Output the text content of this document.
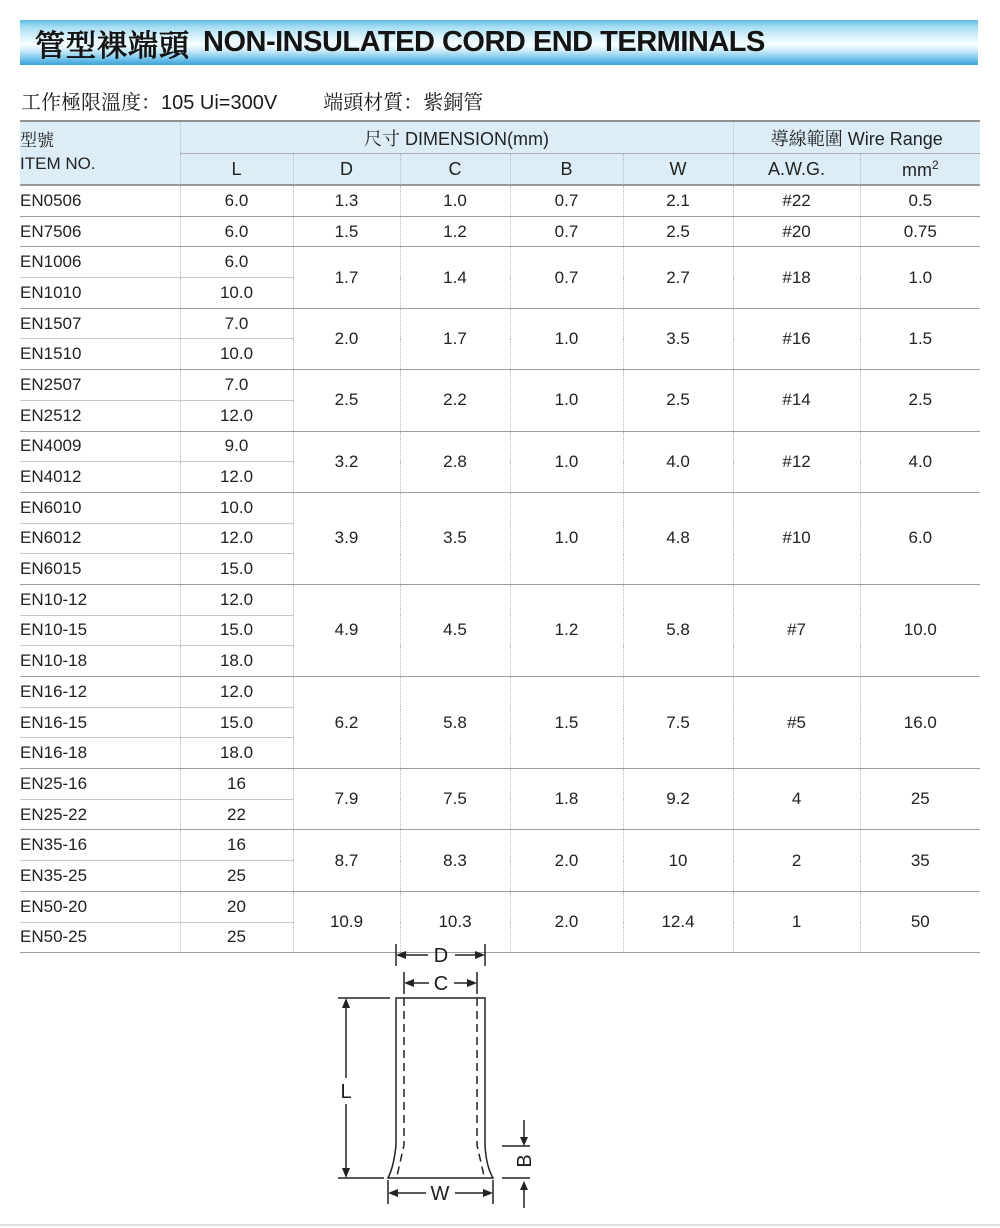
管型裸端頭 NON-INSULATED CORD END TERMINALS
工作極限溫度：105 Ui=300V 端頭材質：紫銅管
型號
ITEM NO.	尺寸 DIMENSION(mm)					導線範圍 Wire Range	
	L	D	C	B	W	A.W.G.	$mm^2$
EN0506	6.0	1.3	1.0	0.7	2.1	#22	0.5
EN7506	6.0	1.5	1.2	0.7	2.5	#20	0.75
EN1006	6.0	1.7	1.4	0.7	2.7	#18	1.0
EN1010	10.0						
EN1507	7.0	2.0	1.7	1.0	3.5	#16	1.5
EN1510	10.0						
EN2507	7.0	2.5	2.2	1.0	2.5	#14	2.5
EN2512	12.0						
EN4009	9.0	3.2	2.8	1.0	4.0	#12	4.0
EN4012	12.0						
EN6010	10.0	3.9	3.5	1.0	4.8	#10	6.0
EN6012	12.0						
EN6015	15.0						
EN10-12	12.0	4.9	4.5	1.2	5.8	#7	10.0
EN10-15	15.0						
EN10-18	18.0						
EN16-12	12.0	6.2	5.8	1.5	7.5	#5	16.0
EN16-15	15.0						
EN16-18	18.0						
EN25-16	16	7.9	7.5	1.8	9.2	4	25
EN25-22	22						
EN35-16	16	8.7	8.3	2.0	10	2	35
EN35-25	25						
EN50-20	20	10.9	10.3	2.0	12.4	1	50
EN50-25	25						
D
C
L
W
B
